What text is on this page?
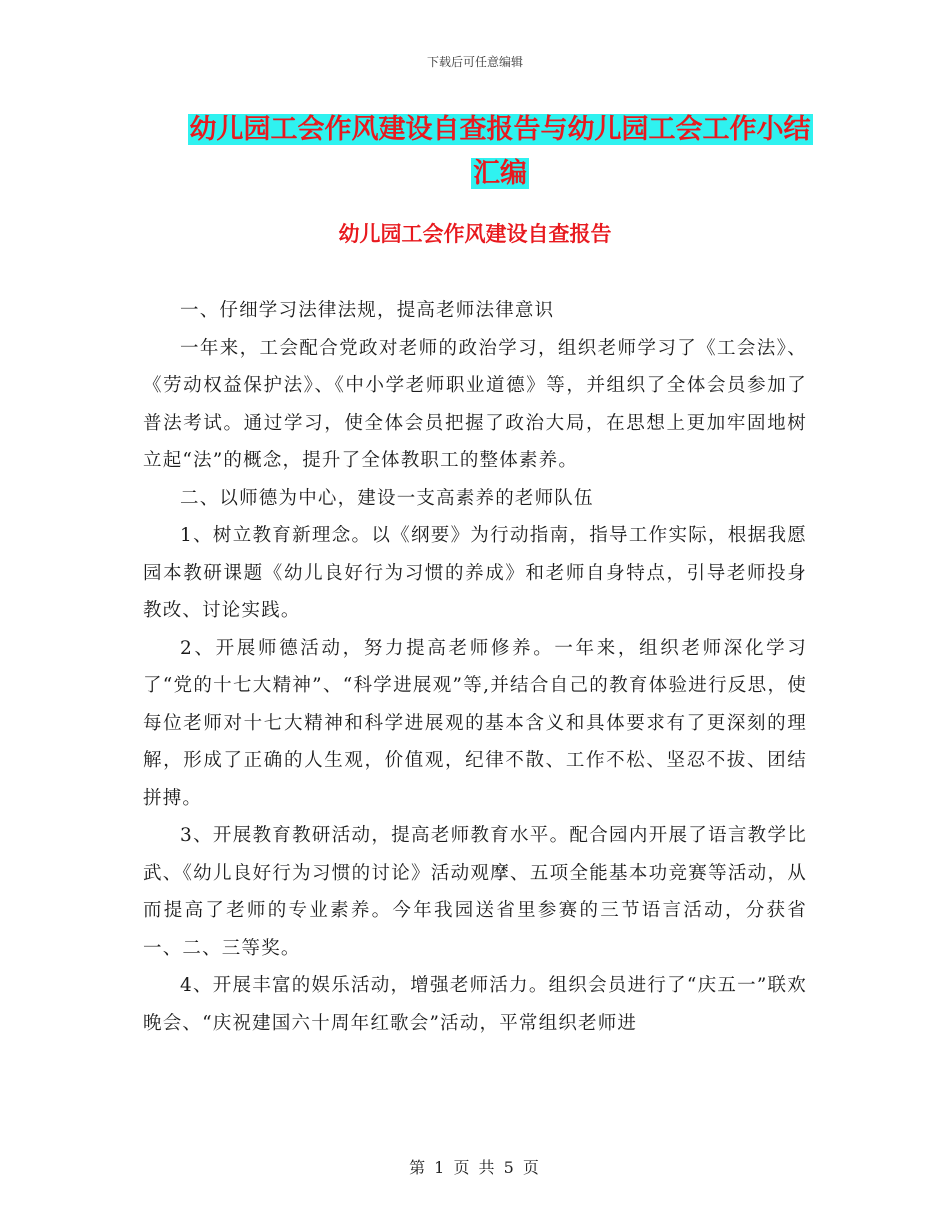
下载后可任意编辑
幼儿园工会作风建设自查报告与幼儿园工会工作小结
汇编
幼儿园工会作风建设自查报告

一、仔细学习法律法规，提高老师法律意识

一年来，工会配合党政对老师的政治学习，组织老师学习了《工会法》、《劳动权益保护法》、《中小学老师职业道德》等，并组织了全体会员参加了普法考试。通过学习，使全体会员把握了政治大局，在思想上更加牢固地树立起“法”的概念，提升了全体教职工的整体素养。

二、以师德为中心，建设一支高素养的老师队伍

1、树立教育新理念。以《纲要》为行动指南，指导工作实际，根据我愿园本教研课题《幼儿良好行为习惯的养成》和老师自身特点，引导老师投身教改、讨论实践。

2、开展师德活动，努力提高老师修养。一年来，组织老师深化学习了“党的十七大精神”、“科学进展观”等,并结合自己的教育体验进行反思，使每位老师对十七大精神和科学进展观的基本含义和具体要求有了更深刻的理解，形成了正确的人生观，价值观，纪律不散、工作不松、坚忍不拔、团结拼搏。

3、开展教育教研活动，提高老师教育水平。配合园内开展了语言教学比武、《幼儿良好行为习惯的讨论》活动观摩、五项全能基本功竞赛等活动，从而提高了老师的专业素养。今年我园送省里参赛的三节语言活动，分获省一、二、三等奖。

4、开展丰富的娱乐活动，增强老师活力。组织会员进行了“庆五一”联欢晚会、“庆祝建国六十周年红歌会”活动，平常组织老师进

第 1 页 共 5 页
